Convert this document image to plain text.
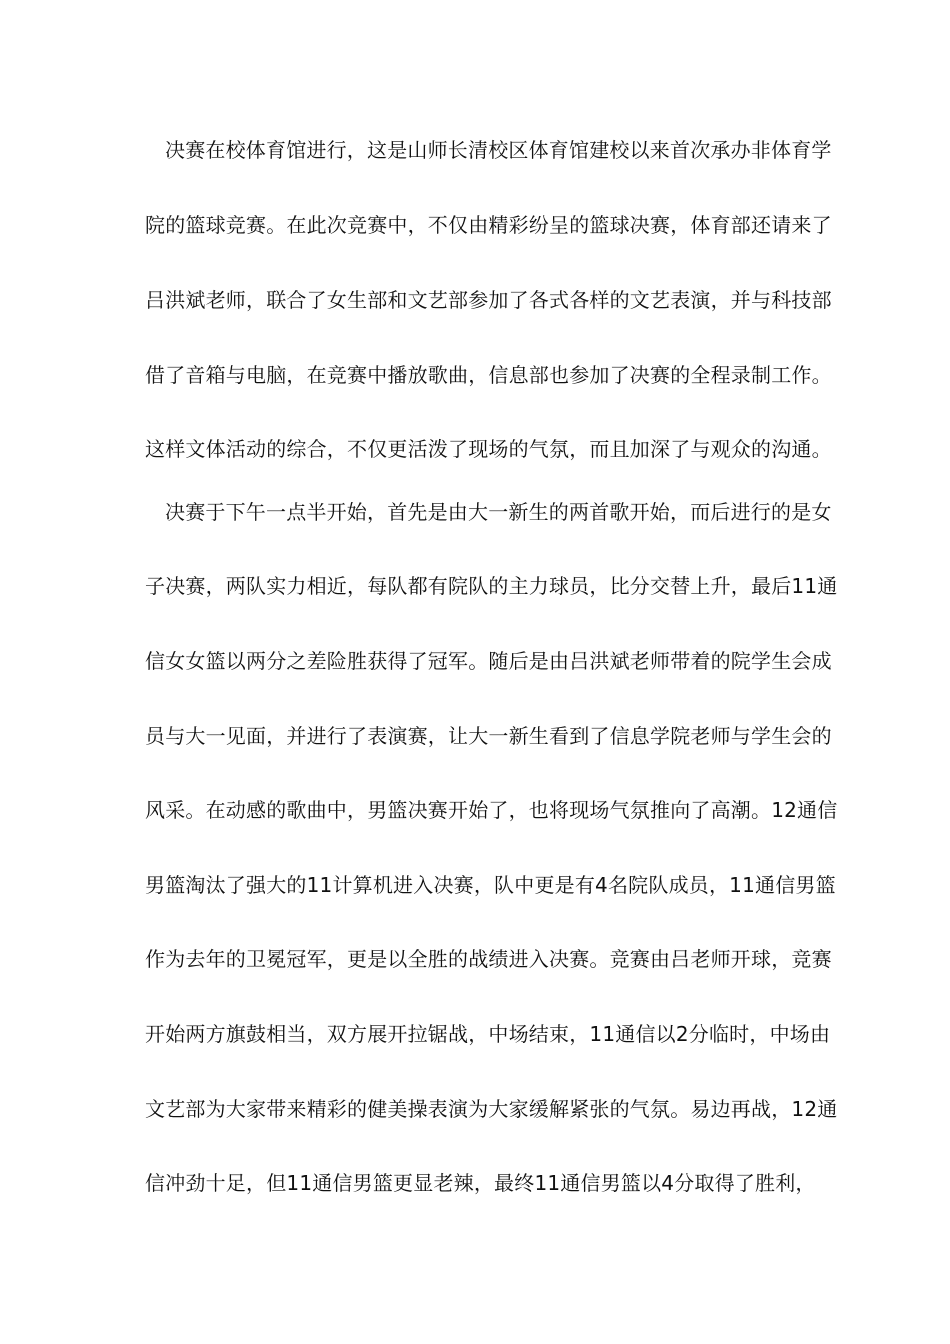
决赛在校体育馆进行，这是山师长清校区体育馆建校以来首次承办非体育学
院的篮球竞赛。在此次竞赛中，不仅由精彩纷呈的篮球决赛，体育部还请来了
吕洪斌老师，联合了女生部和文艺部参加了各式各样的文艺表演，并与科技部
借了音箱与电脑，在竞赛中播放歌曲，信息部也参加了决赛的全程录制工作。
这样文体活动的综合，不仅更活泼了现场的气氛，而且加深了与观众的沟通。
决赛于下午一点半开始，首先是由大一新生的两首歌开始，而后进行的是女
子决赛，两队实力相近，每队都有院队的主力球员，比分交替上升，最后11通
信女女篮以两分之差险胜获得了冠军。随后是由吕洪斌老师带着的院学生会成
员与大一见面，并进行了表演赛，让大一新生看到了信息学院老师与学生会的
风采。在动感的歌曲中，男篮决赛开始了，也将现场气氛推向了高潮。12通信
男篮淘汰了强大的11计算机进入决赛，队中更是有4名院队成员，11通信男篮
作为去年的卫冕冠军，更是以全胜的战绩进入决赛。竞赛由吕老师开球，竞赛
开始两方旗鼓相当，双方展开拉锯战，中场结束，11通信以2分临时，中场由
文艺部为大家带来精彩的健美操表演为大家缓解紧张的气氛。易边再战，12通
信冲劲十足，但11通信男篮更显老辣，最终11通信男篮以4分取得了胜利，
